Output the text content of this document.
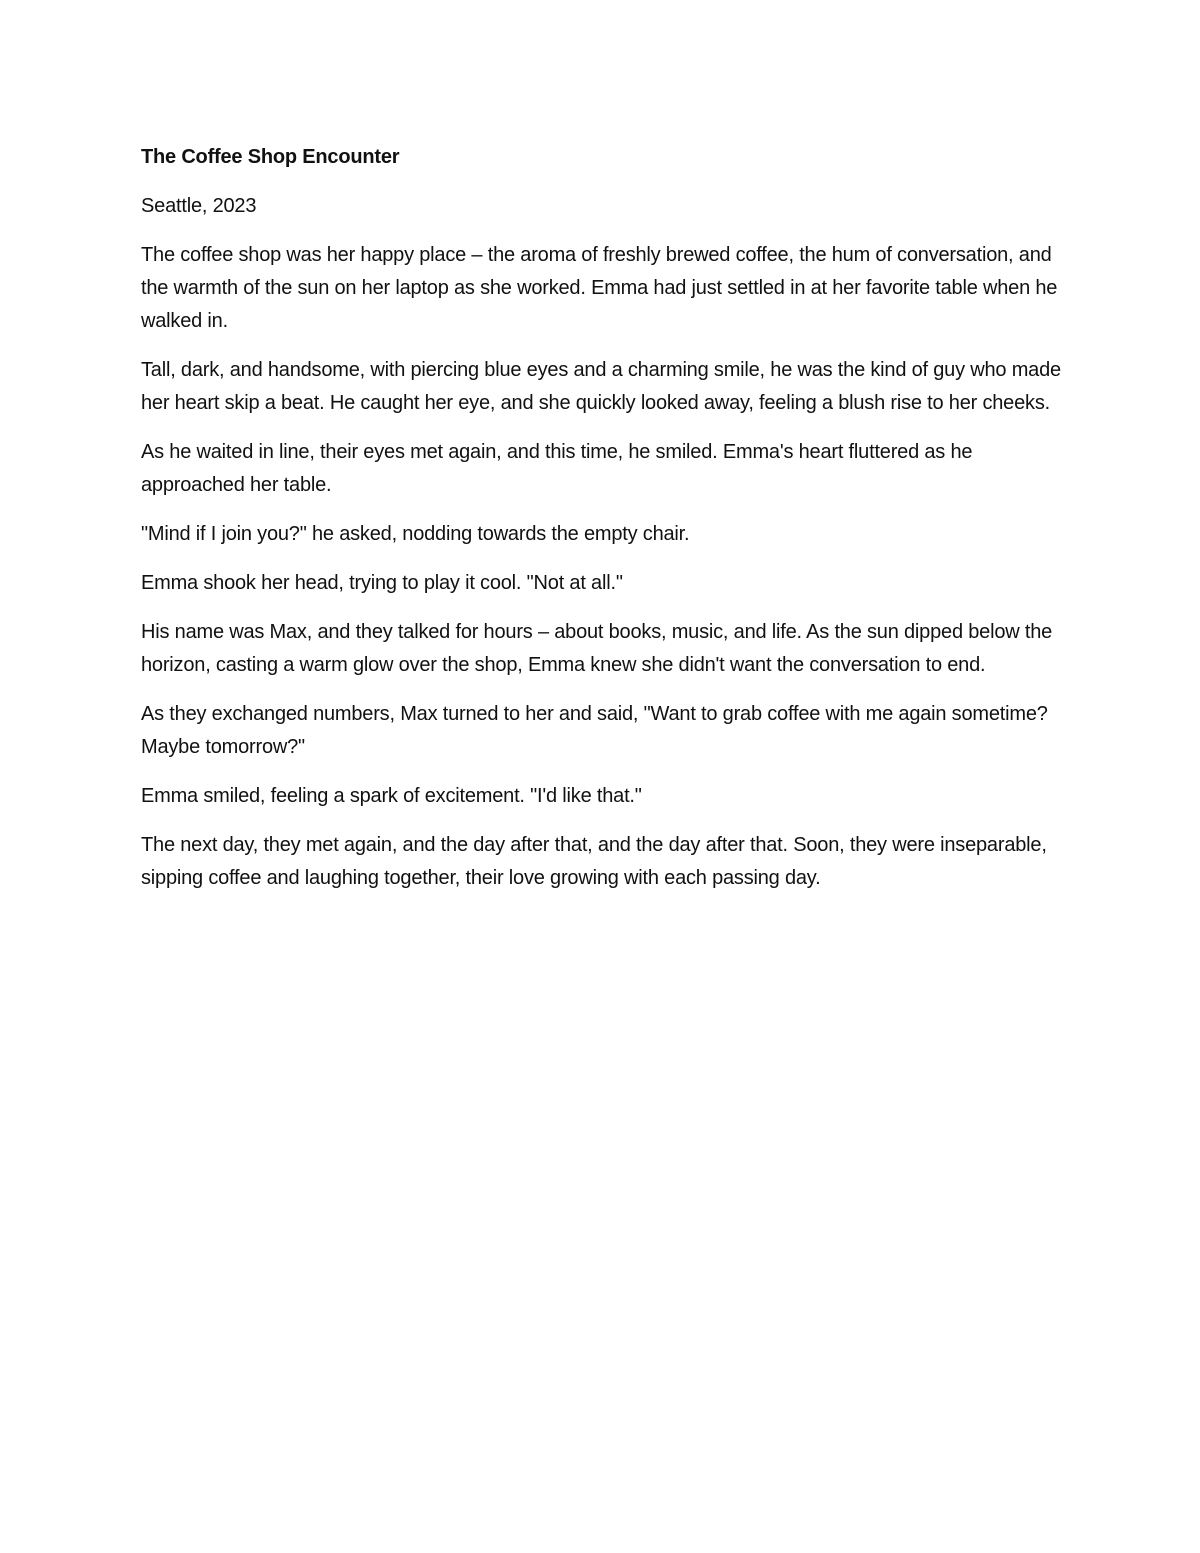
The Coffee Shop Encounter

Seattle, 2023

The coffee shop was her happy place – the aroma of freshly brewed coffee, the hum of conversation, and the warmth of the sun on her laptop as she worked. Emma had just settled in at her favorite table when he walked in.

Tall, dark, and handsome, with piercing blue eyes and a charming smile, he was the kind of guy who made her heart skip a beat. He caught her eye, and she quickly looked away, feeling a blush rise to her cheeks.

As he waited in line, their eyes met again, and this time, he smiled. Emma's heart fluttered as he approached her table.

"Mind if I join you?" he asked, nodding towards the empty chair.

Emma shook her head, trying to play it cool. "Not at all."

His name was Max, and they talked for hours – about books, music, and life. As the sun dipped below the horizon, casting a warm glow over the shop, Emma knew she didn't want the conversation to end.

As they exchanged numbers, Max turned to her and said, "Want to grab coffee with me again sometime? Maybe tomorrow?"

Emma smiled, feeling a spark of excitement. "I'd like that."

The next day, they met again, and the day after that, and the day after that. Soon, they were inseparable, sipping coffee and laughing together, their love growing with each passing day.
